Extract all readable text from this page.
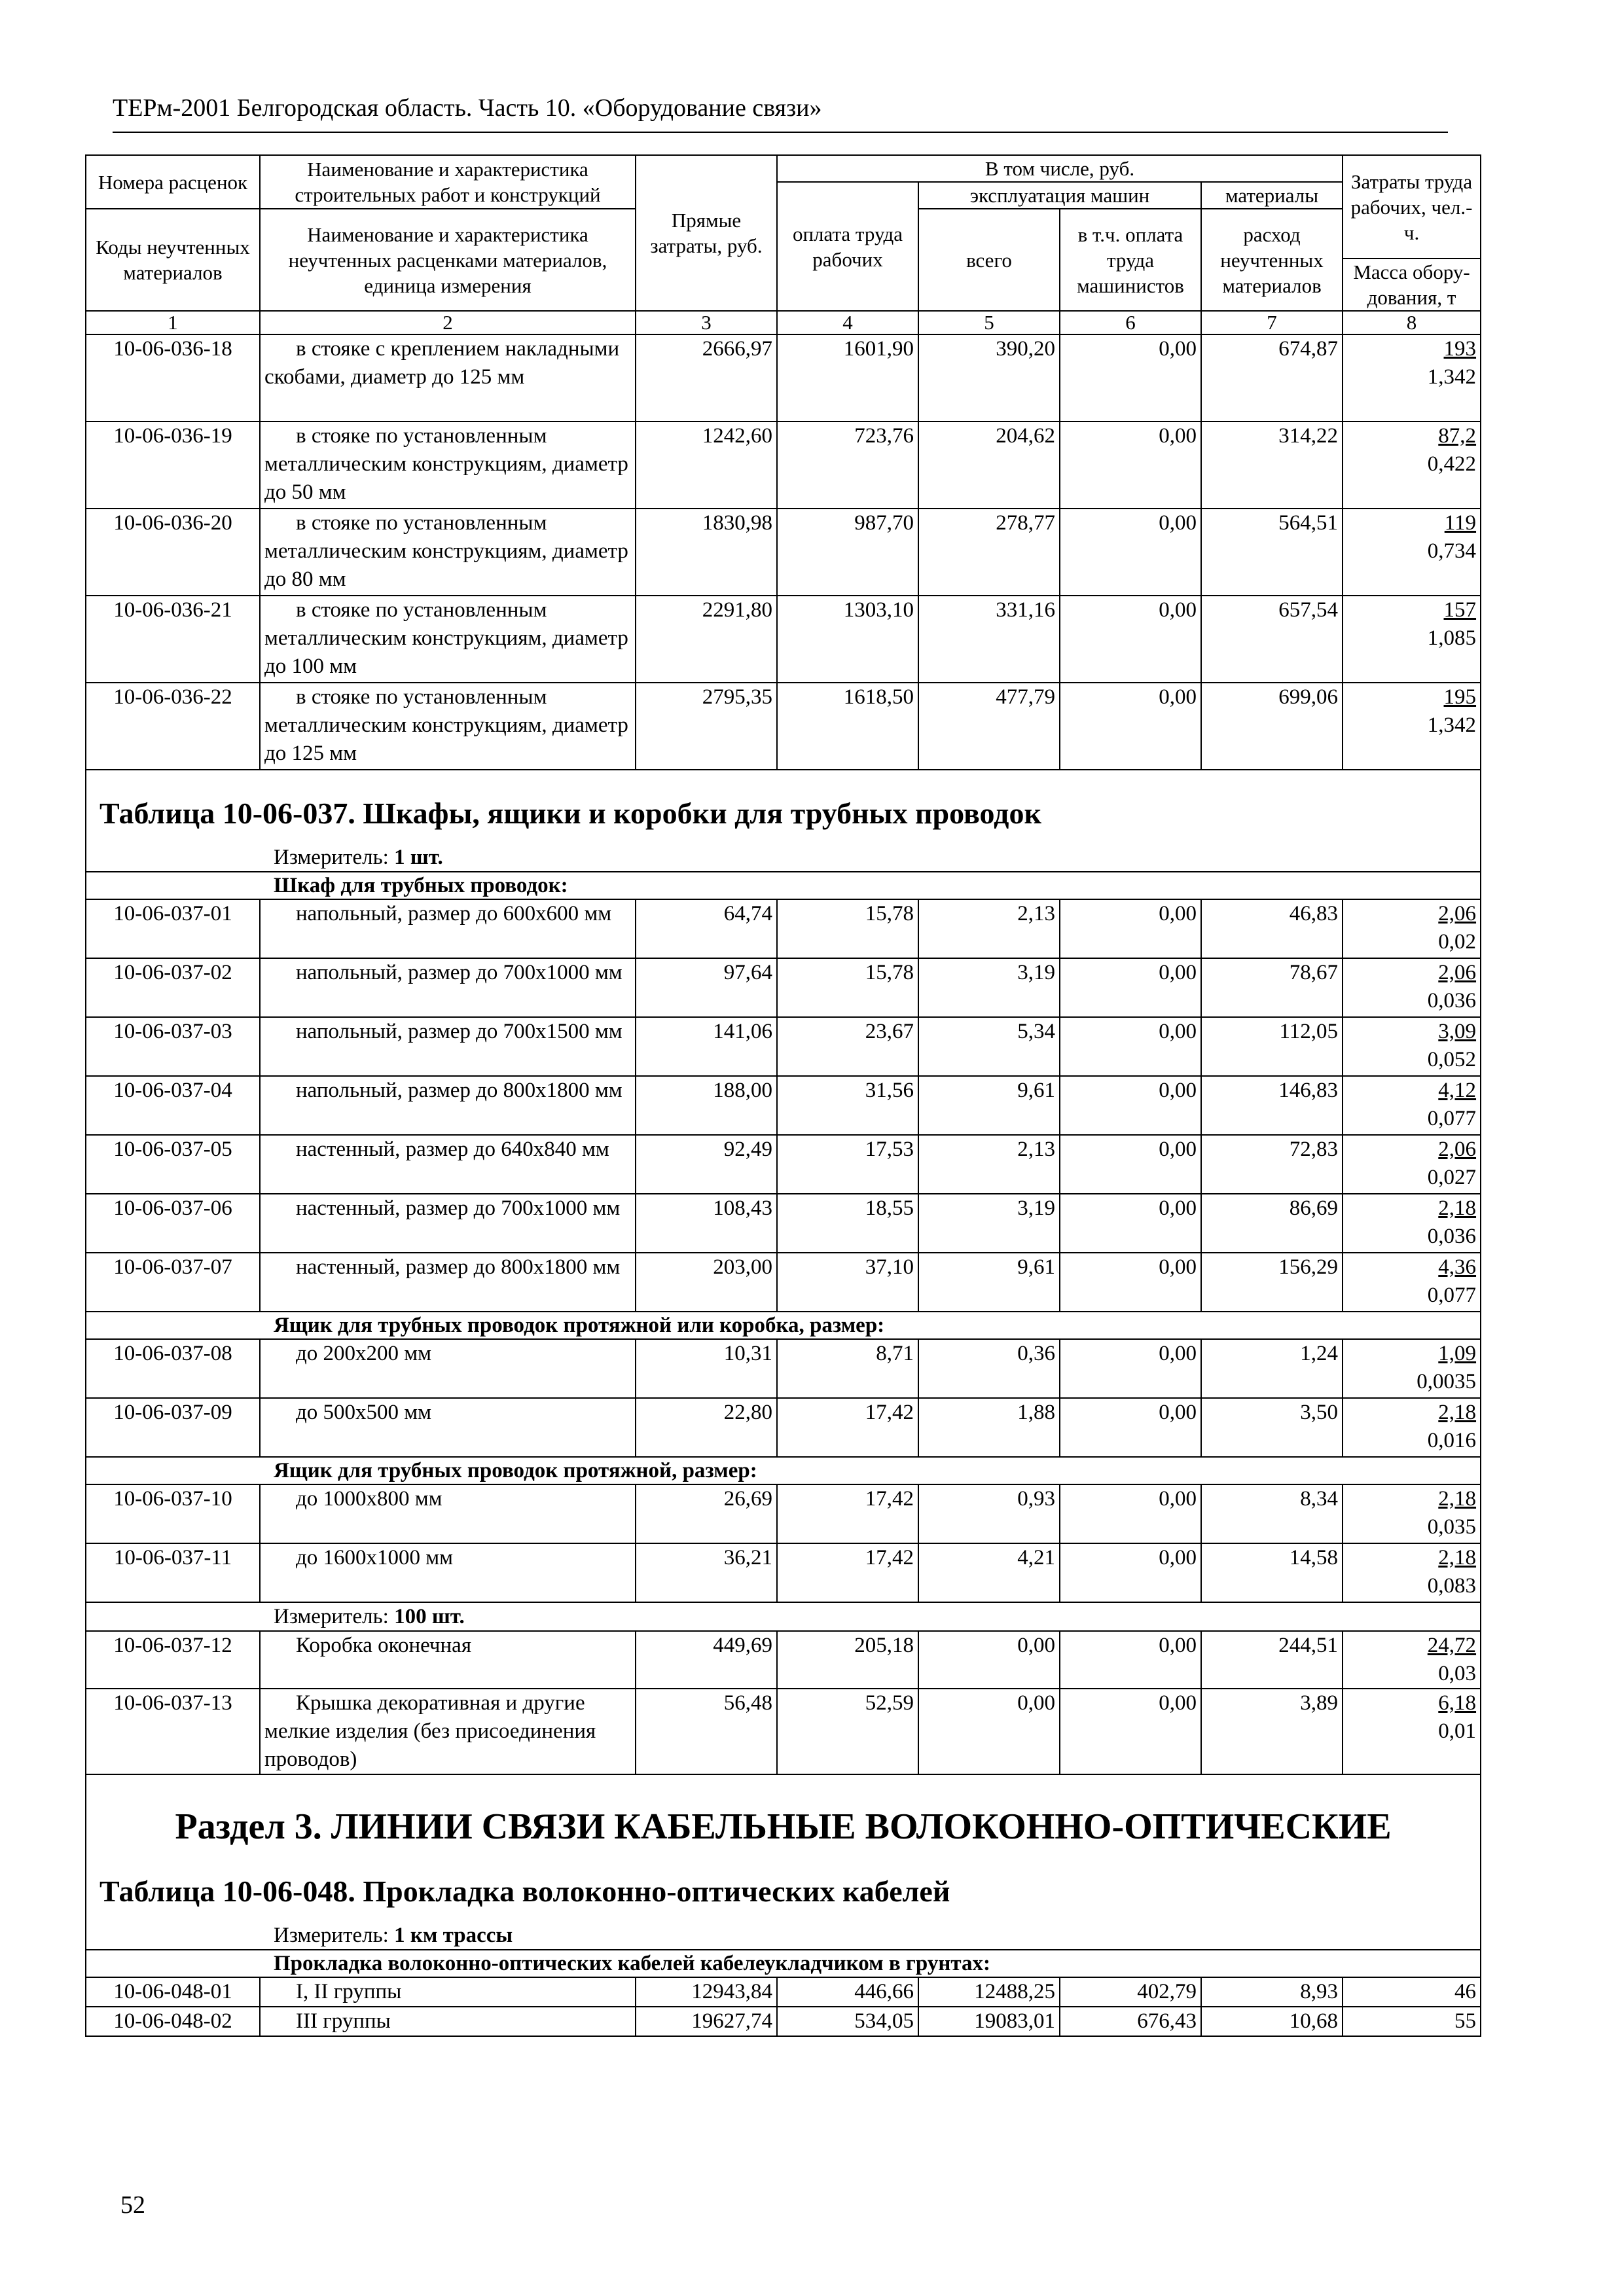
ТЕРм-2001 Белгородская область. Часть 10. «Оборудование связи»
Номера расценок	Наименование и характеристика строительных работ и конструкций	Прямые затраты, руб.	В том числе, руб.				Затраты труда рабочих, чел.-ч.
			оплата труда рабочих	эксплуатация машин		материалы	
Коды неучтенных материалов	Наименование и характеристика неучтенных расценками материалов, единица измерения			всего	в т.ч. оплата труда машинистов	расход неучтенных материалов	
							Масса обору-дования, т
1	2	3	4	5	6	7	8
10-06-036-18	в стояке с креплением накладными скобами, диаметр до 125 мм	2666,97	1601,90	390,20	0,00	674,87	193
1,342

10-06-036-19	в стояке по установленным металлическим конструкциям, диаметр до 50 мм	1242,60	723,76	204,62	0,00	314,22	87,2
0,422

10-06-036-20	в стояке по установленным металлическим конструкциям, диаметр до 80 мм	1830,98	987,70	278,77	0,00	564,51	119
0,734

10-06-036-21	в стояке по установленным металлическим конструкциям, диаметр до 100 мм	2291,80	1303,10	331,16	0,00	657,54	157
1,085

10-06-036-22	в стояке по установленным металлическим конструкциям, диаметр до 125 мм	2795,35	1618,50	477,79	0,00	699,06	195
1,342

Таблица 10-06-037. Шкафы, ящики и коробки для трубных проводок							
Измеритель: 1 шт.							
Шкаф для трубных проводок:							
10-06-037-01	напольный, размер до 600х600 мм	64,74	15,78	2,13	0,00	46,83	2,06
0,02

10-06-037-02	напольный, размер до 700х1000 мм	97,64	15,78	3,19	0,00	78,67	2,06
0,036

10-06-037-03	напольный, размер до 700х1500 мм	141,06	23,67	5,34	0,00	112,05	3,09
0,052

10-06-037-04	напольный, размер до 800х1800 мм	188,00	31,56	9,61	0,00	146,83	4,12
0,077

10-06-037-05	настенный, размер до 640х840 мм	92,49	17,53	2,13	0,00	72,83	2,06
0,027

10-06-037-06	настенный, размер до 700х1000 мм	108,43	18,55	3,19	0,00	86,69	2,18
0,036

10-06-037-07	настенный, размер до 800х1800 мм	203,00	37,10	9,61	0,00	156,29	4,36
0,077

Ящик для трубных проводок протяжной или коробка, размер:							
10-06-037-08	до 200х200 мм	10,31	8,71	0,36	0,00	1,24	1,09
0,0035

10-06-037-09	до 500х500 мм	22,80	17,42	1,88	0,00	3,50	2,18
0,016

Ящик для трубных проводок протяжной, размер:							
10-06-037-10	до 1000х800 мм	26,69	17,42	0,93	0,00	8,34	2,18
0,035

10-06-037-11	до 1600х1000 мм	36,21	17,42	4,21	0,00	14,58	2,18
0,083

Измеритель: 100 шт.							
10-06-037-12	Коробка оконечная	449,69	205,18	0,00	0,00	244,51	24,72
0,03

10-06-037-13	Крышка декоративная и другие мелкие изделия (без присоединения проводов)	56,48	52,59	0,00	0,00	3,89	6,18
0,01

Раздел 3. ЛИНИИ СВЯЗИ КАБЕЛЬНЫЕ ВОЛОКОННО-ОПТИЧЕСКИЕ							
Таблица 10-06-048. Прокладка волоконно-оптических кабелей							
Измеритель: 1 км трассы							
Прокладка волоконно-оптических кабелей кабелеукладчиком в грунтах:							
10-06-048-01	I, II группы	12943,84	446,66	12488,25	402,79	8,93	46
10-06-048-02	III группы	19627,74	534,05	19083,01	676,43	10,68	55
52
